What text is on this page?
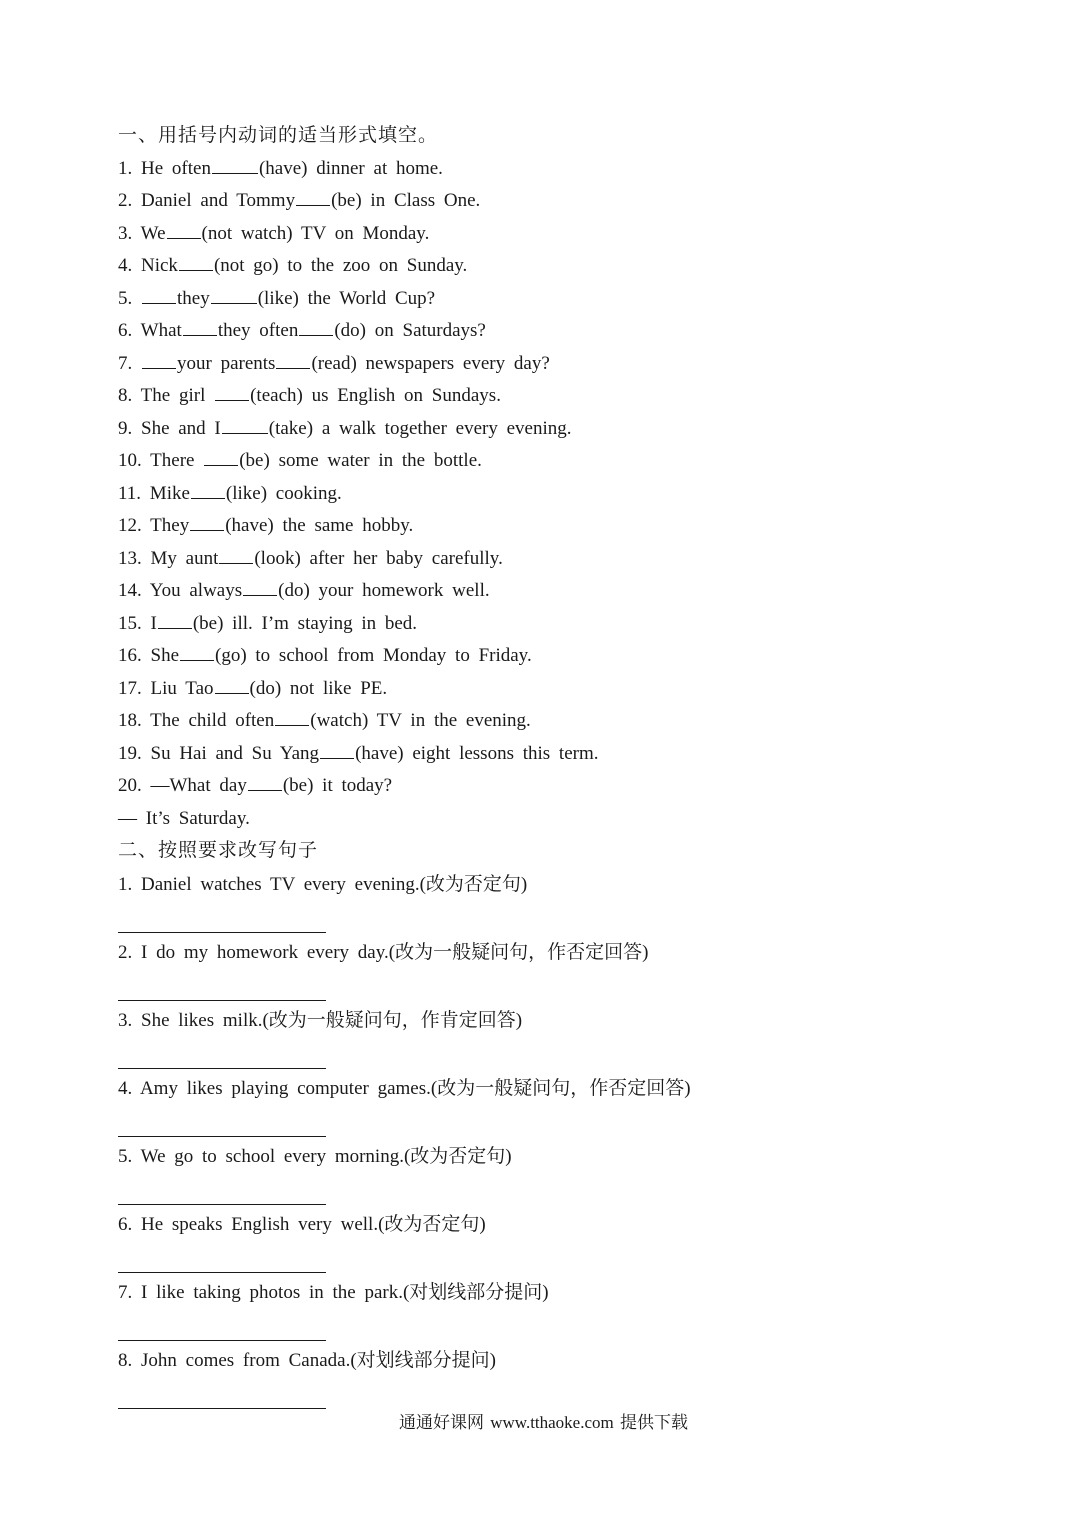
一、用括号内动词的适当形式填空。
1. He often	(have) dinner at home.
2. Daniel and Tommy (be) in Class One.
3. We (not watch) TV on Monday.
4. Nick (not go) to the zoo on Sunday.
5. they	(like) the World Cup?
6. What they often (do) on Saturdays?
7. your parents (read) newspapers every day?
8. The girl (teach) us English on Sundays.
9. She and I	(take) a walk together every evening.
10. There (be) some water in the bottle.
11. Mike (like) cooking.
12. They (have) the same hobby.
13. My aunt (look) after her baby carefully.
14. You always (do) your homework well.
15. I (be) ill. I’m staying in bed.
16. She (go) to school from Monday to Friday.
17. Liu Tao (do) not like PE.
18. The child often (watch) TV in the evening.
19. Su Hai and Su Yang (have) eight lessons this term.
20. —What day (be) it today?
— It’s Saturday.
二、按照要求改写句子
1. Daniel watches TV every evening.(改为否定句)
2. I do my homework every day.(改为一般疑问句，作否定回答)
3. She likes milk.(改为一般疑问句，作肯定回答)
4. Amy likes playing computer games.(改为一般疑问句，作否定回答)
5. We go to school every morning.(改为否定句)
6. He speaks English very well.(改为否定句)
7. I like taking photos in the park.(对划线部分提问)
8. John comes from Canada.(对划线部分提问)
通通好课网 www.tthaoke.com 提供下载
